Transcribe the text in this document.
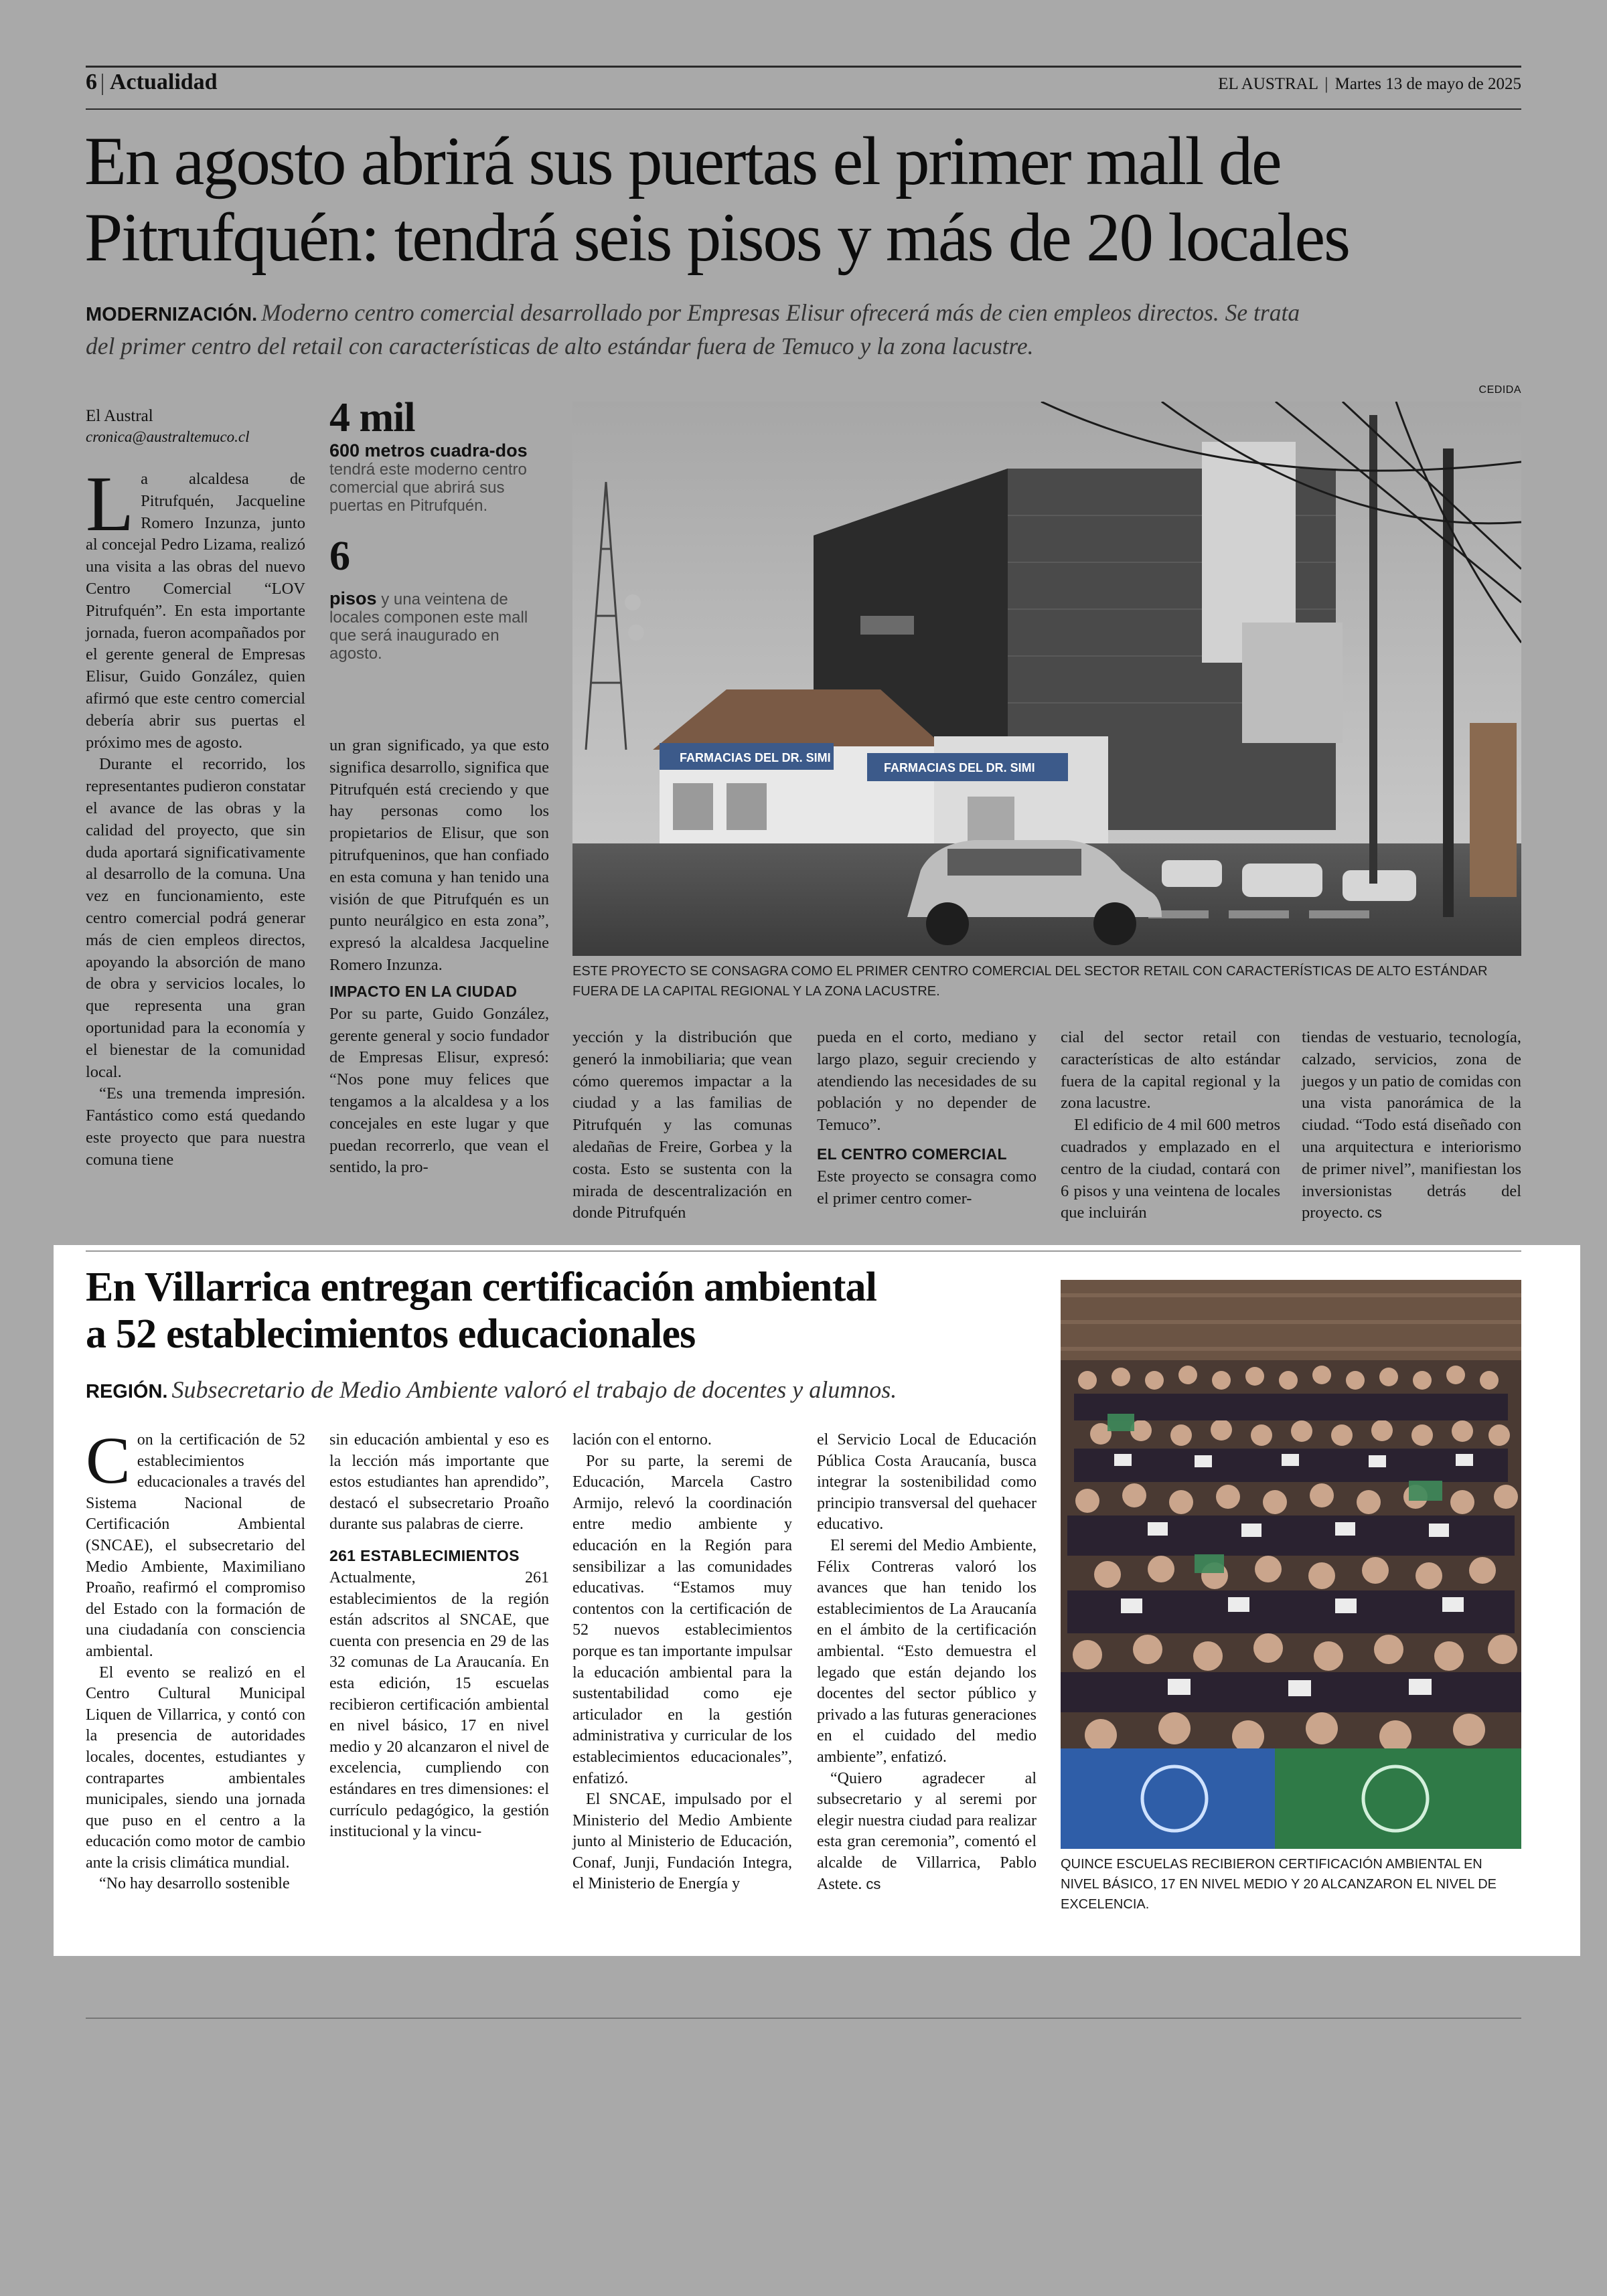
6 Actualidad	EL AUSTRAL | Martes 13 de mayo de 2025
En agosto abrirá sus puertas el primer mall de
Pitrufquén: tendrá seis pisos y más de 20 locales
MODERNIZACIÓN. Moderno centro comercial desarrollado por Empresas Elisur ofrecerá más de cien empleos directos. Se trata
del primer centro del retail con características de alto estándar fuera de Temuco y la zona lacustre.
El Austral
cronica@australtemuco.cl	4 mil
600 metros cuadra-dos tendrá este moderno centro comercial que abrirá sus puertas en Pitrufquén.
6
pisos y una veintena de locales componen este mall que será inaugurado en agosto.
CEDIDA
FARMACIAS DEL DR. SIMI
FARMACIAS DEL DR. SIMI
ESTE PROYECTO SE CONSAGRA COMO EL PRIMER CENTRO COMERCIAL DEL SECTOR RETAIL CON CARACTERÍSTICAS DE ALTO ESTÁNDAR FUERA DE LA CAPITAL REGIONAL Y LA ZONA LACUSTRE.

La alcaldesa de Pitrufquén, Jacqueline Romero Inzunza, junto al concejal Pedro Lizama, realizó una visita a las obras del nuevo Centro Comercial “LOV Pitrufquén”. En esta importante jornada, fueron acompañados por el gerente general de Empresas Elisur, Guido González, quien afirmó que este centro comercial debería abrir sus puertas el próximo mes de agosto.

Durante el recorrido, los representantes pudieron constatar el avance de las obras y la calidad del proyecto, que sin duda aportará significativamente al desarrollo de la comuna. Una vez en funcionamiento, este centro comercial podrá generar más de cien empleos directos, apoyando la absorción de mano de obra y servicios locales, lo que representa una gran oportunidad para la economía y el bienestar de la comunidad local.

“Es una tremenda impresión. Fantástico como está quedando este proyecto que para nuestra comuna tiene

un gran significado, ya que esto significa desarrollo, significa que Pitrufquén está creciendo y que hay personas como los propietarios de Elisur, que son pitrufqueninos, que han confiado en esta comuna y han tenido una visión de que Pitrufquén es un punto neurálgico en esta zona”, expresó la alcaldesa Jacqueline Romero Inzunza.

IMPACTO EN LA CIUDAD

Por su parte, Guido González, gerente general y socio fundador de Empresas Elisur, expresó: “Nos pone muy felices que tengamos a la alcaldesa y a los concejales en este lugar y que puedan recorrerlo, que vean el sentido, la pro-

yección y la distribución que generó la inmobiliaria; que vean cómo queremos impactar a la ciudad y a las familias de Pitrufquén y las comunas aledañas de Freire, Gorbea y la costa. Esto se sustenta con la mirada de descentralización en donde Pitrufquén

pueda en el corto, mediano y largo plazo, seguir creciendo y atendiendo las necesidades de su población y no depender de Temuco”.

EL CENTRO COMERCIAL

Este proyecto se consagra como el primer centro comer-

cial del sector retail con características de alto estándar fuera de la capital regional y la zona lacustre.

El edificio de 4 mil 600 metros cuadrados y emplazado en el centro de la ciudad, contará con 6 pisos y una veintena de locales que incluirán

tiendas de vestuario, tecnología, calzado, servicios, zona de juegos y un patio de comidas con una vista panorámica de la ciudad. “Todo está diseñado con una arquitectura e interiorismo de primer nivel”, manifiestan los inversionistas detrás del proyecto. cs

En Villarrica entregan certificación ambiental
a 52 establecimientos educacionales
REGIÓN. Subsecretario de Medio Ambiente valoró el trabajo de docentes y alumnos.

Con la certificación de 52 establecimientos educacionales a través del Sistema Nacional de Certificación Ambiental (SNCAE), el subsecretario del Medio Ambiente, Maximiliano Proaño, reafirmó el compromiso del Estado con la formación de una ciudadanía con consciencia ambiental.

El evento se realizó en el Centro Cultural Municipal Liquen de Villarrica, y contó con la presencia de autoridades locales, docentes, estudiantes y contrapartes ambientales municipales, siendo una jornada que puso en el centro a la educación como motor de cambio ante la crisis climática mundial.

“No hay desarrollo sostenible

sin educación ambiental y eso es la lección más importante que estos estudiantes han aprendido”, destacó el subsecretario Proaño durante sus palabras de cierre.

261 ESTABLECIMIENTOS

Actualmente, 261 establecimientos de la región están adscritos al SNCAE, que cuenta con presencia en 29 de las 32 comunas de La Araucanía. En esta edición, 15 escuelas recibieron certificación ambiental en nivel básico, 17 en nivel medio y 20 alcanzaron el nivel de excelencia, cumpliendo con estándares en tres dimensiones: el currículo pedagógico, la gestión institucional y la vincu-

lación con el entorno.

Por su parte, la seremi de Educación, Marcela Castro Armijo, relevó la coordinación entre medio ambiente y educación en la Región para sensibilizar a las comunidades educativas. “Estamos muy contentos con la certificación de 52 nuevos establecimientos porque es tan importante impulsar la educación ambiental para la sustentabilidad como eje articulador en la gestión administrativa y curricular de los establecimientos educacionales”, enfatizó.

El SNCAE, impulsado por el Ministerio del Medio Ambiente junto al Ministerio de Educación, Conaf, Junji, Fundación Integra, el Ministerio de Energía y

el Servicio Local de Educación Pública Costa Araucanía, busca integrar la sostenibilidad como principio transversal del quehacer educativo.

El seremi del Medio Ambiente, Félix Contreras valoró los avances que han tenido los establecimientos de La Araucanía en el ámbito de la certificación ambiental. “Esto demuestra el legado que están dejando los docentes del sector público y privado a las futuras generaciones en el cuidado del medio ambiente”, enfatizó.

“Quiero agradecer al subsecretario y al seremi por elegir nuestra ciudad para realizar esta gran ceremonia”, comentó el alcalde de Villarrica, Pablo Astete. cs

QUINCE ESCUELAS RECIBIERON CERTIFICACIÓN AMBIENTAL EN NIVEL BÁSICO, 17 EN NIVEL MEDIO Y 20 ALCANZARON EL NIVEL DE EXCELENCIA.
